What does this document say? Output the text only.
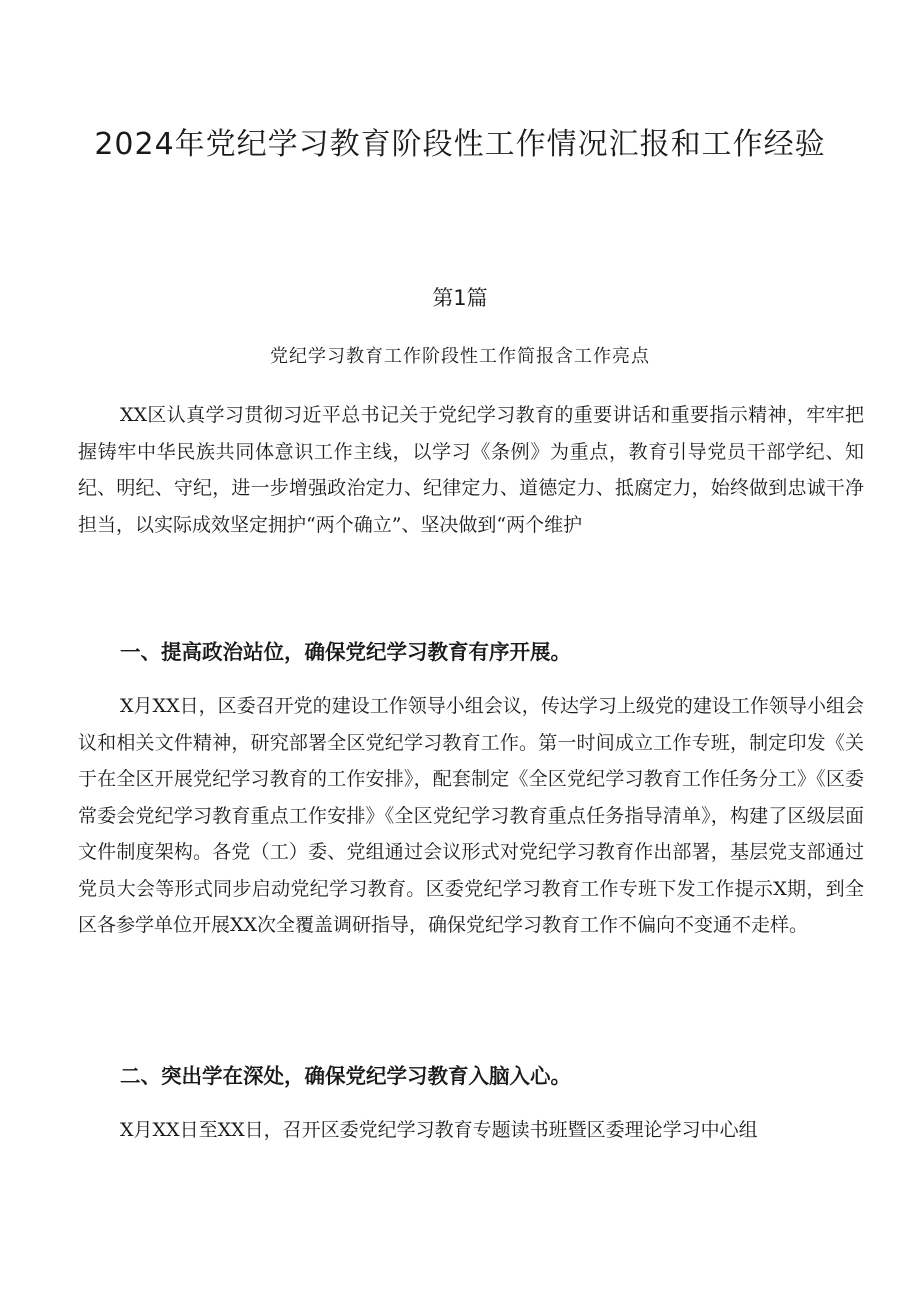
2024年党纪学习教育阶段性工作情况汇报和工作经验
第1篇
党纪学习教育工作阶段性工作简报含工作亮点

XX区认真学习贯彻习近平总书记关于党纪学习教育的重要讲话和重要指示精神，牢牢把握铸牢中华民族共同体意识工作主线，以学习《条例》为重点，教育引导党员干部学纪、知纪、明纪、守纪，进一步增强政治定力、纪律定力、道德定力、抵腐定力，始终做到忠诚干净担当，以实际成效坚定拥护“两个确立”、坚决做到“两个维护

一、提高政治站位，确保党纪学习教育有序开展。

X月XX日，区委召开党的建设工作领导小组会议，传达学习上级党的建设工作领导小组会议和相关文件精神，研究部署全区党纪学习教育工作。第一时间成立工作专班，制定印发《关于在全区开展党纪学习教育的工作安排》，配套制定《全区党纪学习教育工作任务分工》《区委常委会党纪学习教育重点工作安排》《全区党纪学习教育重点任务指导清单》，构建了区级层面文件制度架构。各党（工）委、党组通过会议形式对党纪学习教育作出部署，基层党支部通过党员大会等形式同步启动党纪学习教育。区委党纪学习教育工作专班下发工作提示X期，到全区各参学单位开展XX次全覆盖调研指导，确保党纪学习教育工作不偏向不变通不走样。

二、突出学在深处，确保党纪学习教育入脑入心。

X月XX日至XX日，召开区委党纪学习教育专题读书班暨区委理论学习中心组
